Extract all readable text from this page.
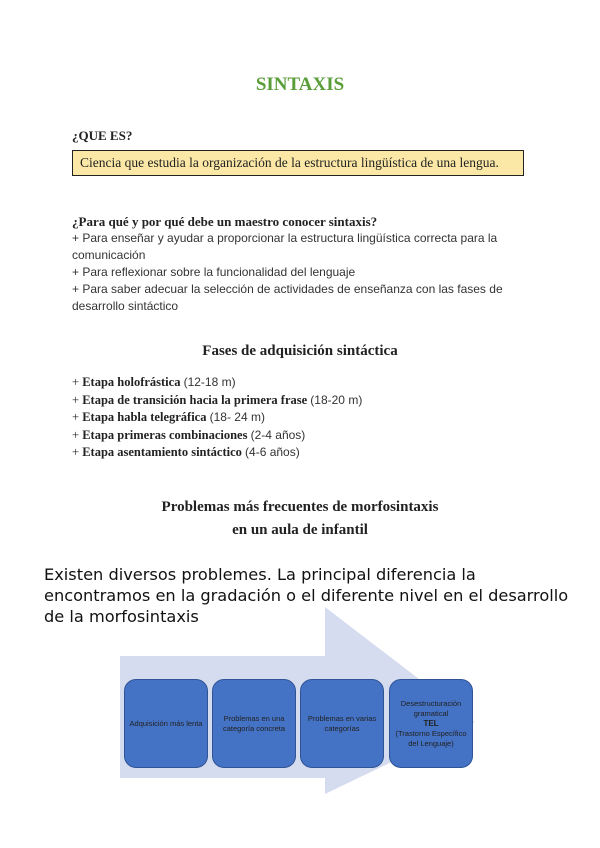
SINTAXIS
¿QUE ES?
Ciencia que estudia la organización de la estructura lingüística de una lengua.
¿Para qué y por qué debe un maestro conocer sintaxis?
+ Para enseñar y ayudar a proporcionar la estructura lingüística correcta para la comunicación
+ Para reflexionar sobre la funcionalidad del lenguaje
+ Para saber adecuar la selección de actividades de enseñanza con las fases de desarrollo sintáctico
Fases de adquisición sintáctica
+ Etapa holofrástica (12-18 m)
+ Etapa de transición hacia la primera frase (18-20 m)
+ Etapa habla telegráfica (18- 24 m)
+ Etapa primeras combinaciones (2-4 años)
+ Etapa asentamiento sintáctico (4-6 años)
Problemas más frecuentes de morfosintaxis
en un aula de infantil
Existen diversos problemes. La principal diferencia la encontramos en la gradación o el diferente nivel en el desarrollo de la morfosintaxis
Adquisición más lenta
Problemas en una categoría concreta
Problemas en varias categorías
Desestructuración gramatical
TEL
(Trastorno Específico del Lenguaje)
